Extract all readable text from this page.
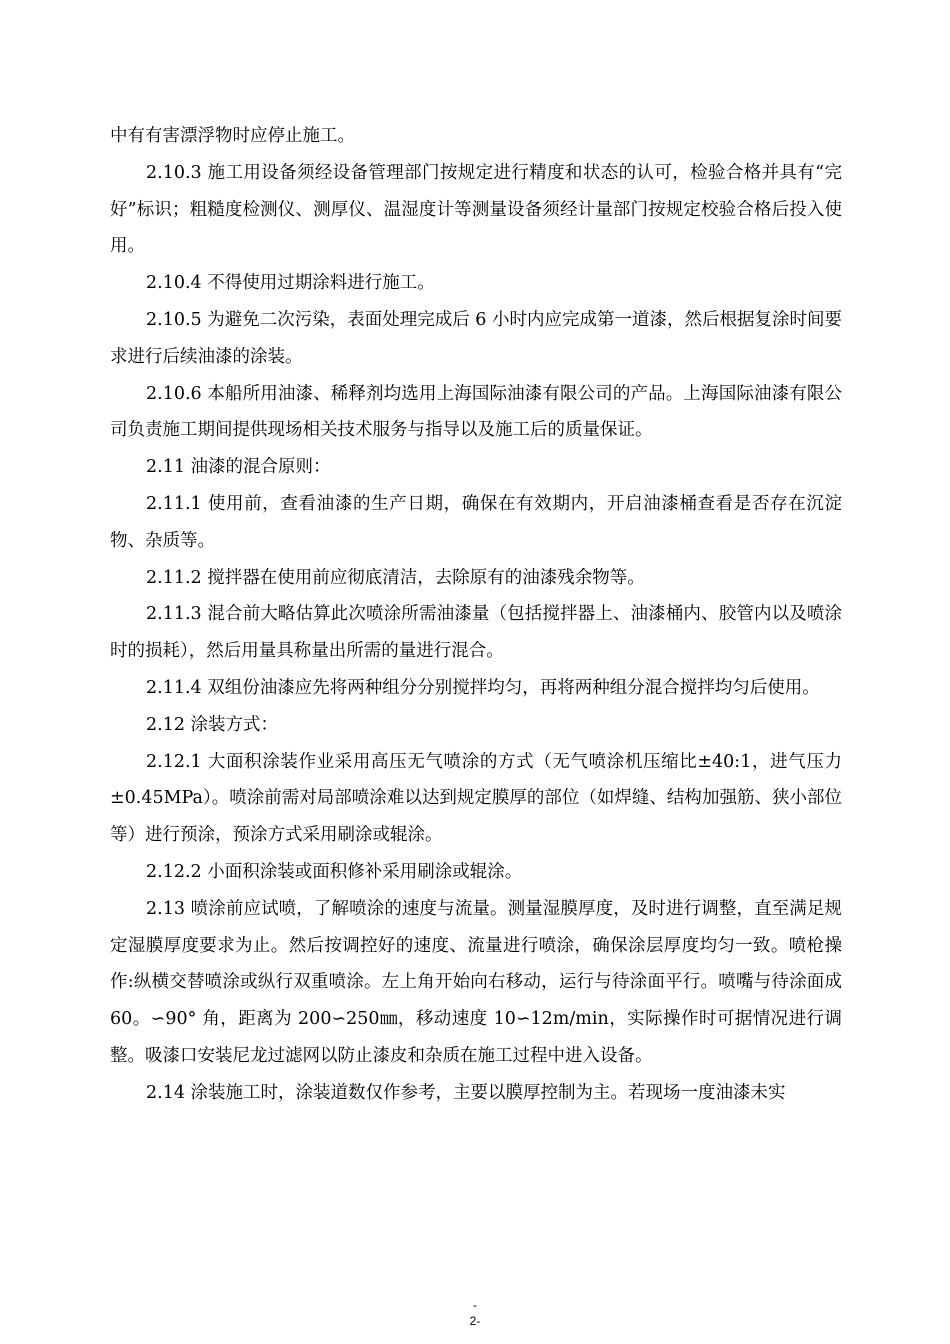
中有有害漂浮物时应停止施工。

2.10.3 施工用设备须经设备管理部门按规定进行精度和状态的认可，检验合格并具有“完好”标识；粗糙度检测仪、测厚仪、温湿度计等测量设备须经计量部门按规定校验合格后投入使用。

2.10.4 不得使用过期涂料进行施工。

2.10.5 为避免二次污染，表面处理完成后 6 小时内应完成第一道漆，然后根据复涂时间要求进行后续油漆的涂装。

2.10.6 本船所用油漆、稀释剂均选用上海国际油漆有限公司的产品。上海国际油漆有限公司负责施工期间提供现场相关技术服务与指导以及施工后的质量保证。

2.11 油漆的混合原则：

2.11.1 使用前，查看油漆的生产日期，确保在有效期内，开启油漆桶查看是否存在沉淀物、杂质等。

2.11.2 搅拌器在使用前应彻底清洁，去除原有的油漆残余物等。

2.11.3 混合前大略估算此次喷涂所需油漆量（包括搅拌器上、油漆桶内、胶管内以及喷涂时的损耗），然后用量具称量出所需的量进行混合。

2.11.4 双组份油漆应先将两种组分分别搅拌均匀，再将两种组分混合搅拌均匀后使用。

2.12 涂装方式：

2.12.1 大面积涂装作业采用高压无气喷涂的方式（无气喷涂机压缩比±40:1，进气压力±0.45MPa）。喷涂前需对局部喷涂难以达到规定膜厚的部位（如焊缝、结构加强筋、狭小部位等）进行预涂，预涂方式采用刷涂或辊涂。

2.12.2 小面积涂装或面积修补采用刷涂或辊涂。

2.13 喷涂前应试喷，了解喷涂的速度与流量。测量湿膜厚度，及时进行调整，直至满足规定湿膜厚度要求为止。然后按调控好的速度、流量进行喷涂，确保涂层厚度均匀一致。喷枪操作:纵横交替喷涂或纵行双重喷涂。左上角开始向右移动，运行与待涂面平行。喷嘴与待涂面成 60。∽90° 角，距离为 200∽250㎜，移动速度 10∽12m/min，实际操作时可据情况进行调整。吸漆口安装尼龙过滤网以防止漆皮和杂质在施工过程中进入设备。

2.14 涂装施工时，涂装道数仅作参考，主要以膜厚控制为主。若现场一度油漆未实

-
2-
